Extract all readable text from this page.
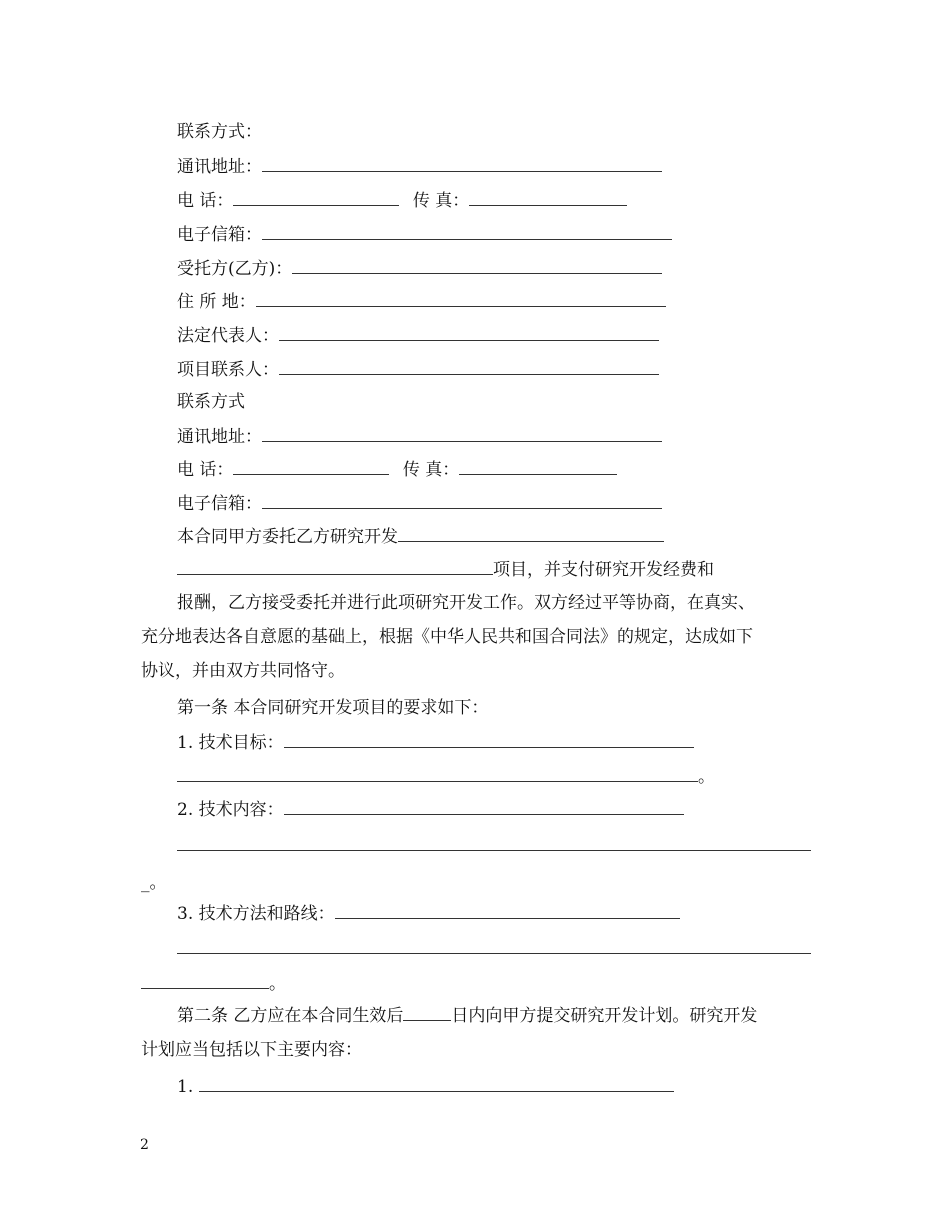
联系方式：
通讯地址：
电 话：	传 真：
电子信箱：
受托方(乙方)：
住 所 地：
法定代表人：
项目联系人：
联系方式
通讯地址：
电 话：	传 真：
电子信箱：
本合同甲方委托乙方研究开发
项目，并支付研究开发经费和
报酬，乙方接受委托并进行此项研究开发工作。双方经过平等协商，在真实、
充分地表达各自意愿的基础上，根据《中华人民共和国合同法》的规定，达成如下
协议，并由双方共同恪守。
第一条 本合同研究开发项目的要求如下：
1. 技术目标：
。
2. 技术内容：
_。
3. 技术方法和路线：
。
第二条 乙方应在本合同生效后	日内向甲方提交研究开发计划。研究开发
计划应当包括以下主要内容：
1.
2
